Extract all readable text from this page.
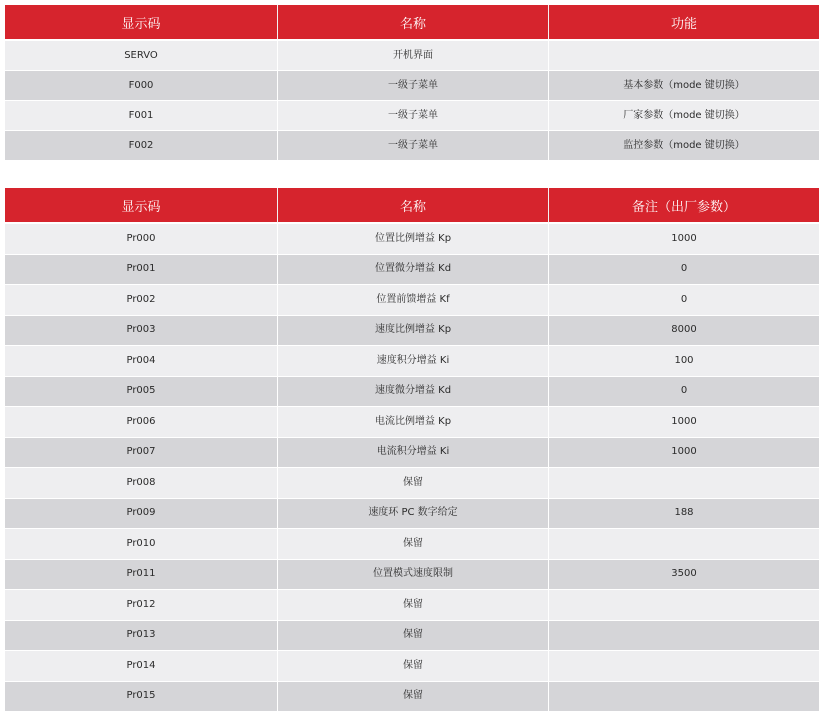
显示码	名称	功能
SERVO	开机界面	
F000	一级子菜单	基本参数（mode 键切换）
F001	一级子菜单	厂家参数（mode 键切换）
F002	一级子菜单	监控参数（mode 键切换）
显示码	名称	备注（出厂参数）
Pr000	位置比例增益 Kp	1000
Pr001	位置微分增益 Kd	0
Pr002	位置前馈增益 Kf	0
Pr003	速度比例增益 Kp	8000
Pr004	速度积分增益 Ki	100
Pr005	速度微分增益 Kd	0
Pr006	电流比例增益 Kp	1000
Pr007	电流积分增益 Ki	1000
Pr008	保留	
Pr009	速度环 PC 数字给定	188
Pr010	保留	
Pr011	位置模式速度限制	3500
Pr012	保留	
Pr013	保留	
Pr014	保留	
Pr015	保留	
